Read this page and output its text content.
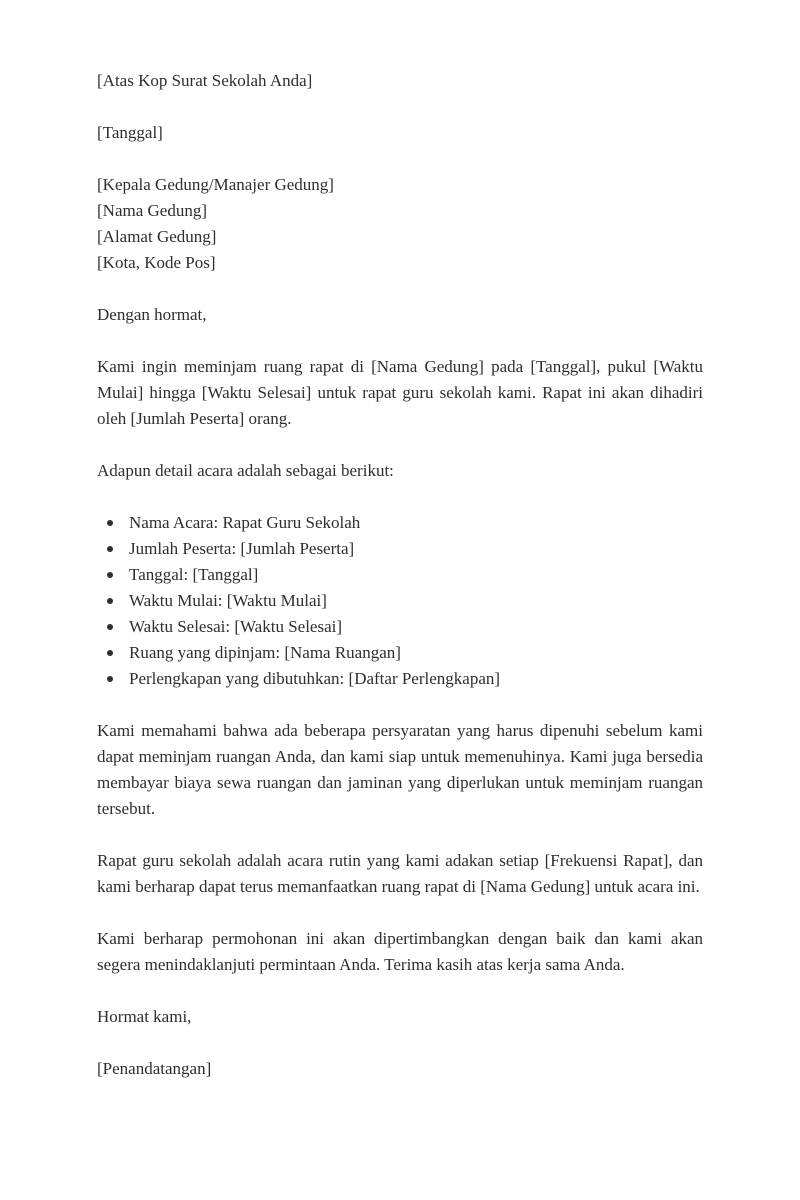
[Atas Kop Surat Sekolah Anda]

[Tanggal]

[Kepala Gedung/Manajer Gedung]

[Nama Gedung]

[Alamat Gedung]

[Kota, Kode Pos]

Dengan hormat,

Kami ingin meminjam ruang rapat di [Nama Gedung] pada [Tanggal], pukul [Waktu Mulai] hingga [Waktu Selesai] untuk rapat guru sekolah kami. Rapat ini akan dihadiri oleh [Jumlah Peserta] orang.

Adapun detail acara adalah sebagai berikut:

Nama Acara: Rapat Guru Sekolah
Jumlah Peserta: [Jumlah Peserta]
Tanggal: [Tanggal]
Waktu Mulai: [Waktu Mulai]
Waktu Selesai: [Waktu Selesai]
Ruang yang dipinjam: [Nama Ruangan]
Perlengkapan yang dibutuhkan: [Daftar Perlengkapan]

Kami memahami bahwa ada beberapa persyaratan yang harus dipenuhi sebelum kami dapat meminjam ruangan Anda, dan kami siap untuk memenuhinya. Kami juga bersedia membayar biaya sewa ruangan dan jaminan yang diperlukan untuk meminjam ruangan tersebut.

Rapat guru sekolah adalah acara rutin yang kami adakan setiap [Frekuensi Rapat], dan kami berharap dapat terus memanfaatkan ruang rapat di [Nama Gedung] untuk acara ini.

Kami berharap permohonan ini akan dipertimbangkan dengan baik dan kami akan segera menindaklanjuti permintaan Anda. Terima kasih atas kerja sama Anda.

Hormat kami,

[Penandatangan]
